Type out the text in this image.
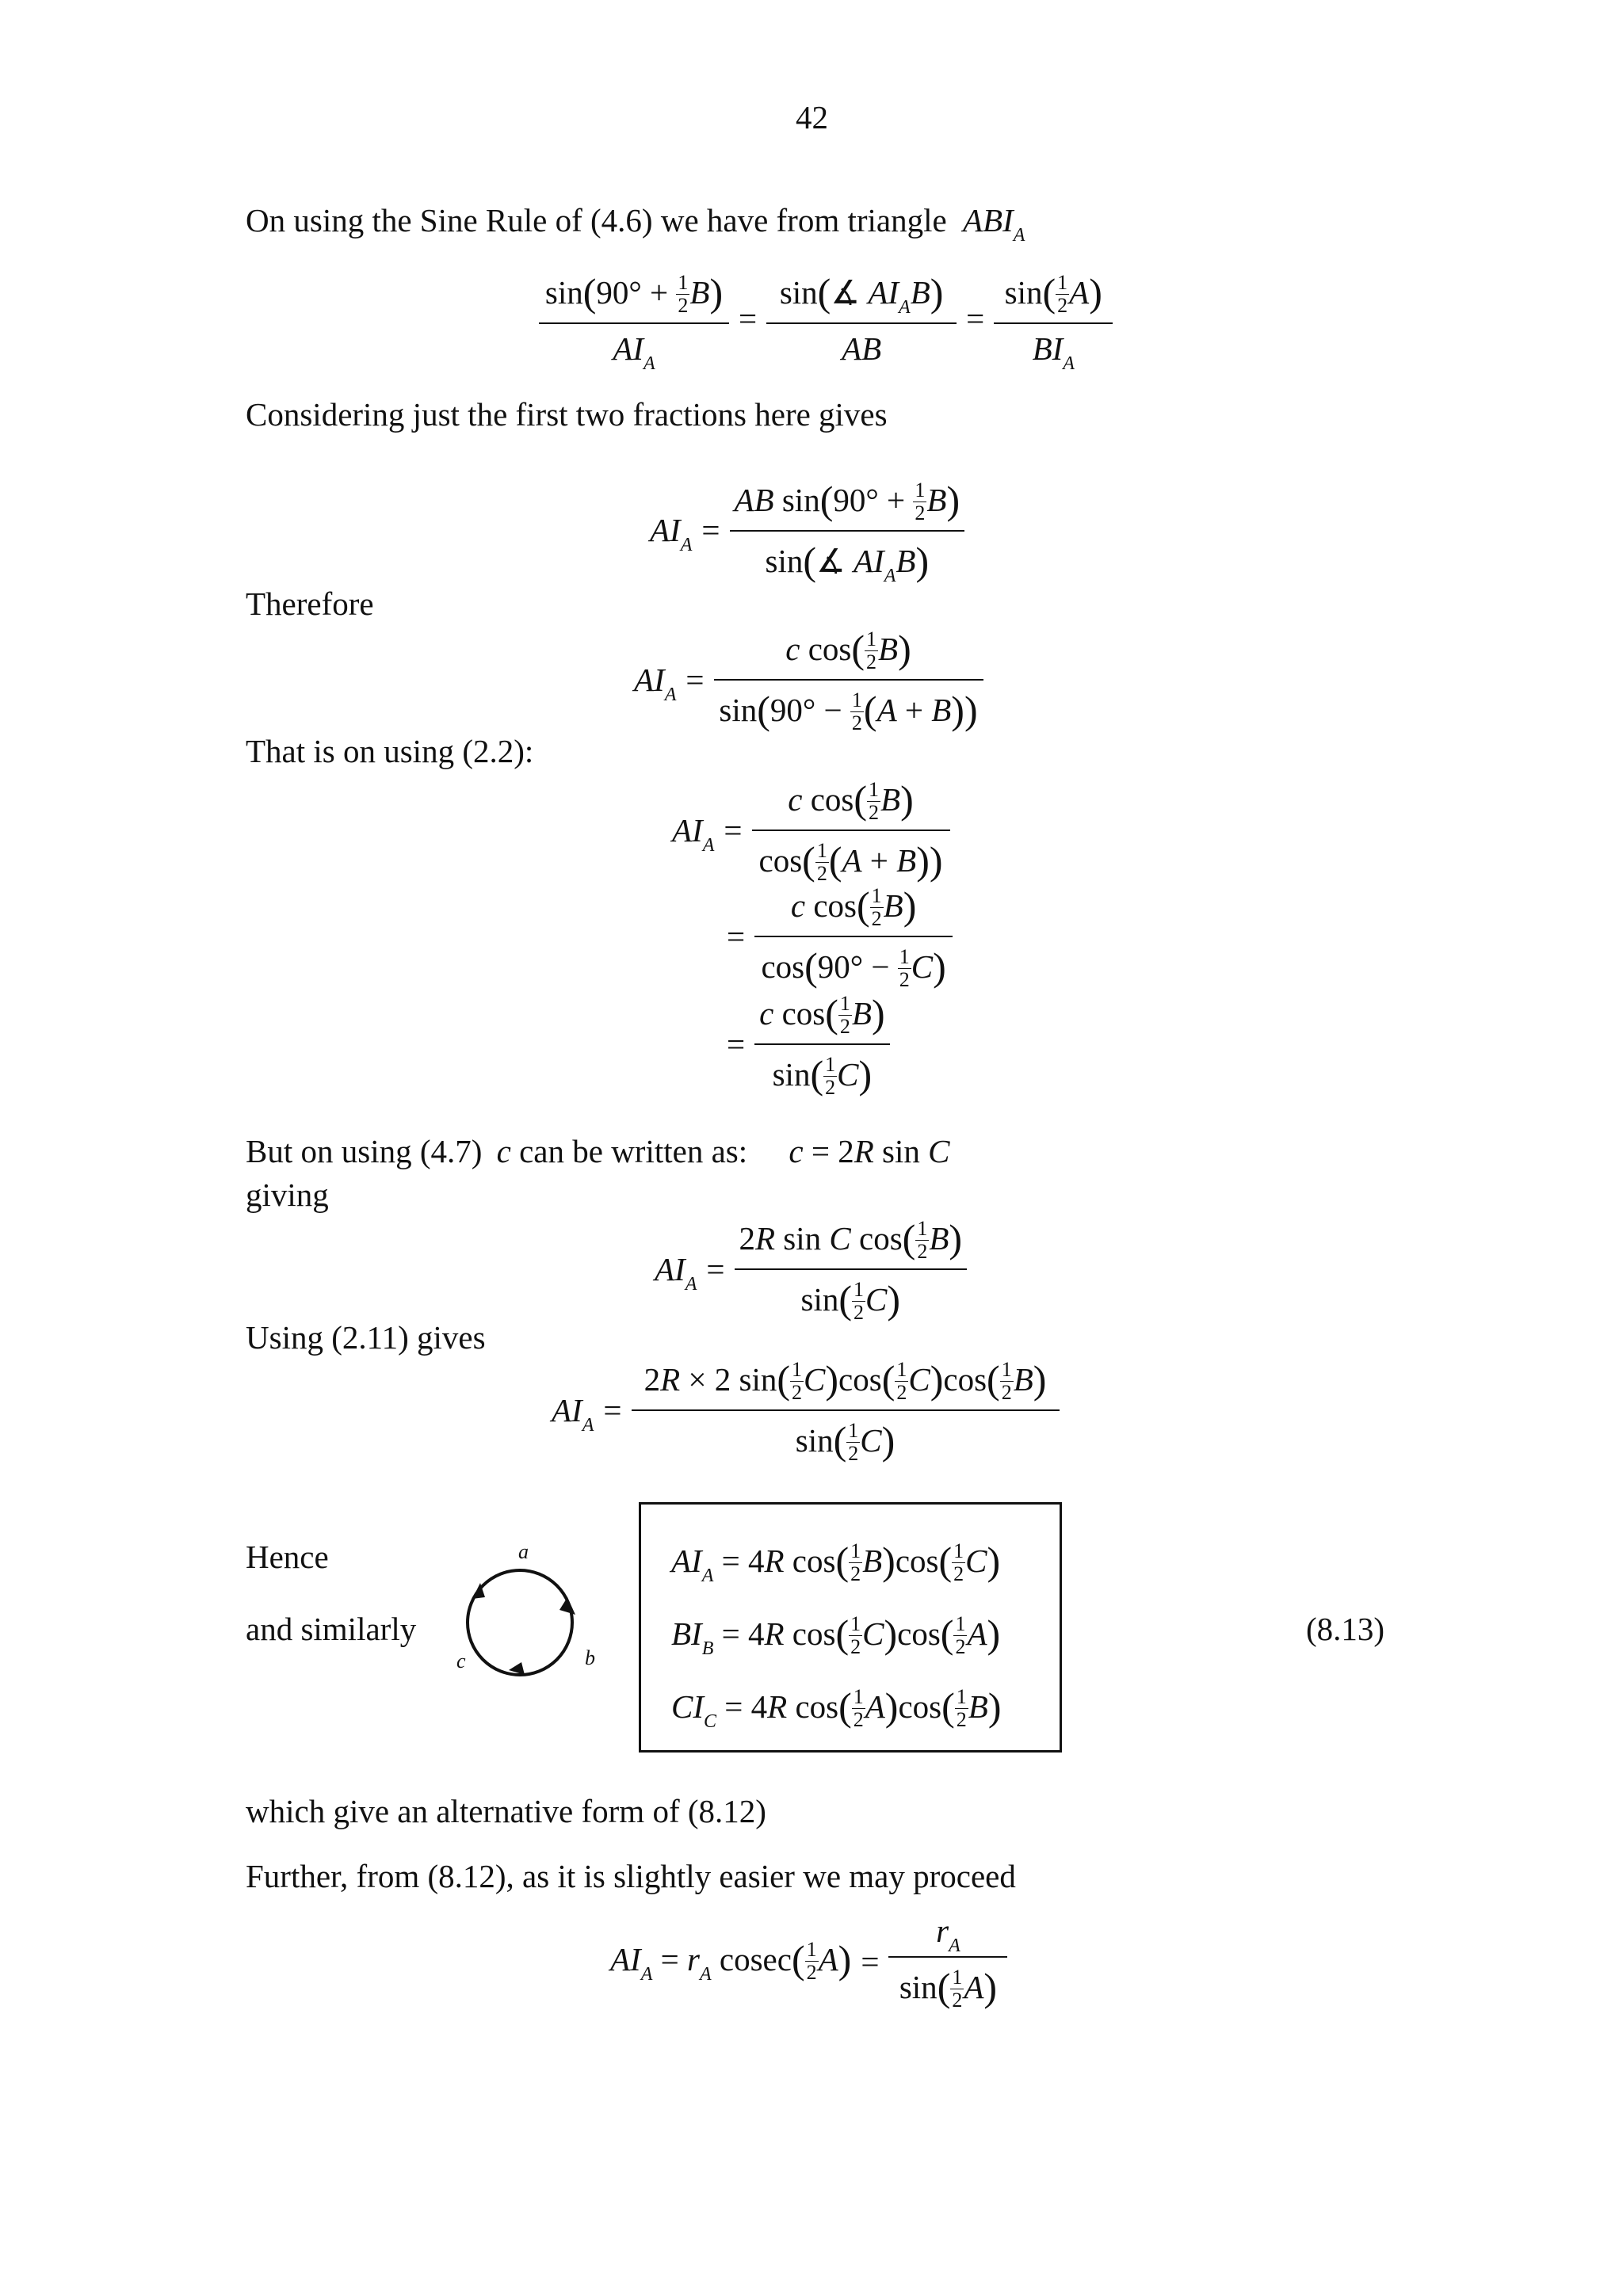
42
On using the Sine Rule of (4.6) we have from triangle $ABI_A$
$\frac{\sin(90^\circ + \frac{1}{2} B)}{AI_A} = \frac{\sin(∡ AI_AB)}{AB} = \frac{\sin( \frac{1}{2} A)}{BI_A}$
Considering just the first two fractions here gives
$AI_A = \frac{AB \sin(90^\circ + \frac{1}{2} B)}{\sin(∡ AI_AB)}$
Therefore
$AI_A = \frac{c \cos( \frac{1}{2} B)}{\sin(90^\circ - \frac{1}{2} (A + B))}$
That is on using (2.2):
$AI_A = \frac{c \cos( \frac{1}{2} B)}{\cos( \frac{1}{2} (A + B))}$
= $\frac{c \cos( \frac{1}{2} B)}{\cos(90^\circ - \frac{1}{2} C)}$
= $\frac{c \cos( \frac{1}{2} B)}{\sin( \frac{1}{2} C)}$
But on using (4.7) c can be written as: c = 2R sin C
giving
$AI_A = \frac{2R \sin C \cos( \frac{1}{2} B)}{\sin( \frac{1}{2} C)}$
Using (2.11) gives
$AI_A = \frac{2R \times 2 \sin( \frac{1}{2} C)\cos( \frac{1}{2} C)\cos( \frac{1}{2} B)}{\sin( \frac{1}{2} C)}$
Hence
and similarly
a
b
c
$AI_A = 4R$ $\cos( \frac{1}{2} B)\cos( \frac{1}{2} C)$
$BI_B = 4R$ $\cos( \frac{1}{2} C)\cos( \frac{1}{2} A)$
$CI_C = 4R$ $\cos( \frac{1}{2} A)\cos( \frac{1}{2} B)$
(8.13)
which give an alternative form of (8.12)
Further, from (8.12), as it is slightly easier we may proceed
$AI_A = r_A$ $cosec( \frac{1}{2} A) = \frac{r_A}{\sin( \frac{1}{2} A)}$
